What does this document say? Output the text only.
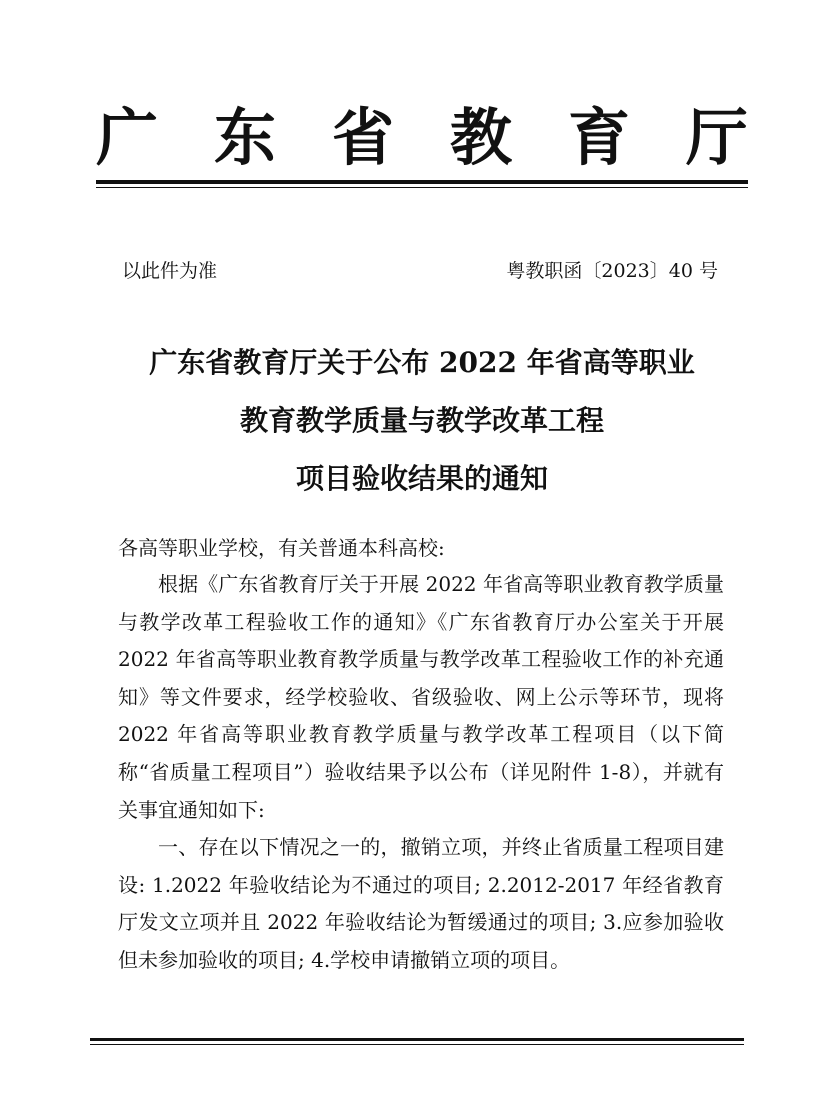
广 东 省 教 育 厅
以此件为准	粤教职函〔2023〕40 号
广东省教育厅关于公布 2022 年省高等职业
教育教学质量与教学改革工程
项目验收结果的通知
各高等职业学校，有关普通本科高校:

根据《广东省教育厅关于开展 2022 年省高等职业教育教学质量与教学改革工程验收工作的通知》《广东省教育厅办公室关于开展 2022 年省高等职业教育教学质量与教学改革工程验收工作的补充通知》等文件要求，经学校验收、省级验收、网上公示等环节，现将 2022 年省高等职业教育教学质量与教学改革工程项目（以下简称“省质量工程项目”）验收结果予以公布（详见附件 1-8），并就有关事宜通知如下:

一、存在以下情况之一的，撤销立项，并终止省质量工程项目建设: 1.2022 年验收结论为不通过的项目; 2.2012-2017 年经省教育厅发文立项并且 2022 年验收结论为暂缓通过的项目; 3.应参加验收但未参加验收的项目; 4.学校申请撤销立项的项目。
